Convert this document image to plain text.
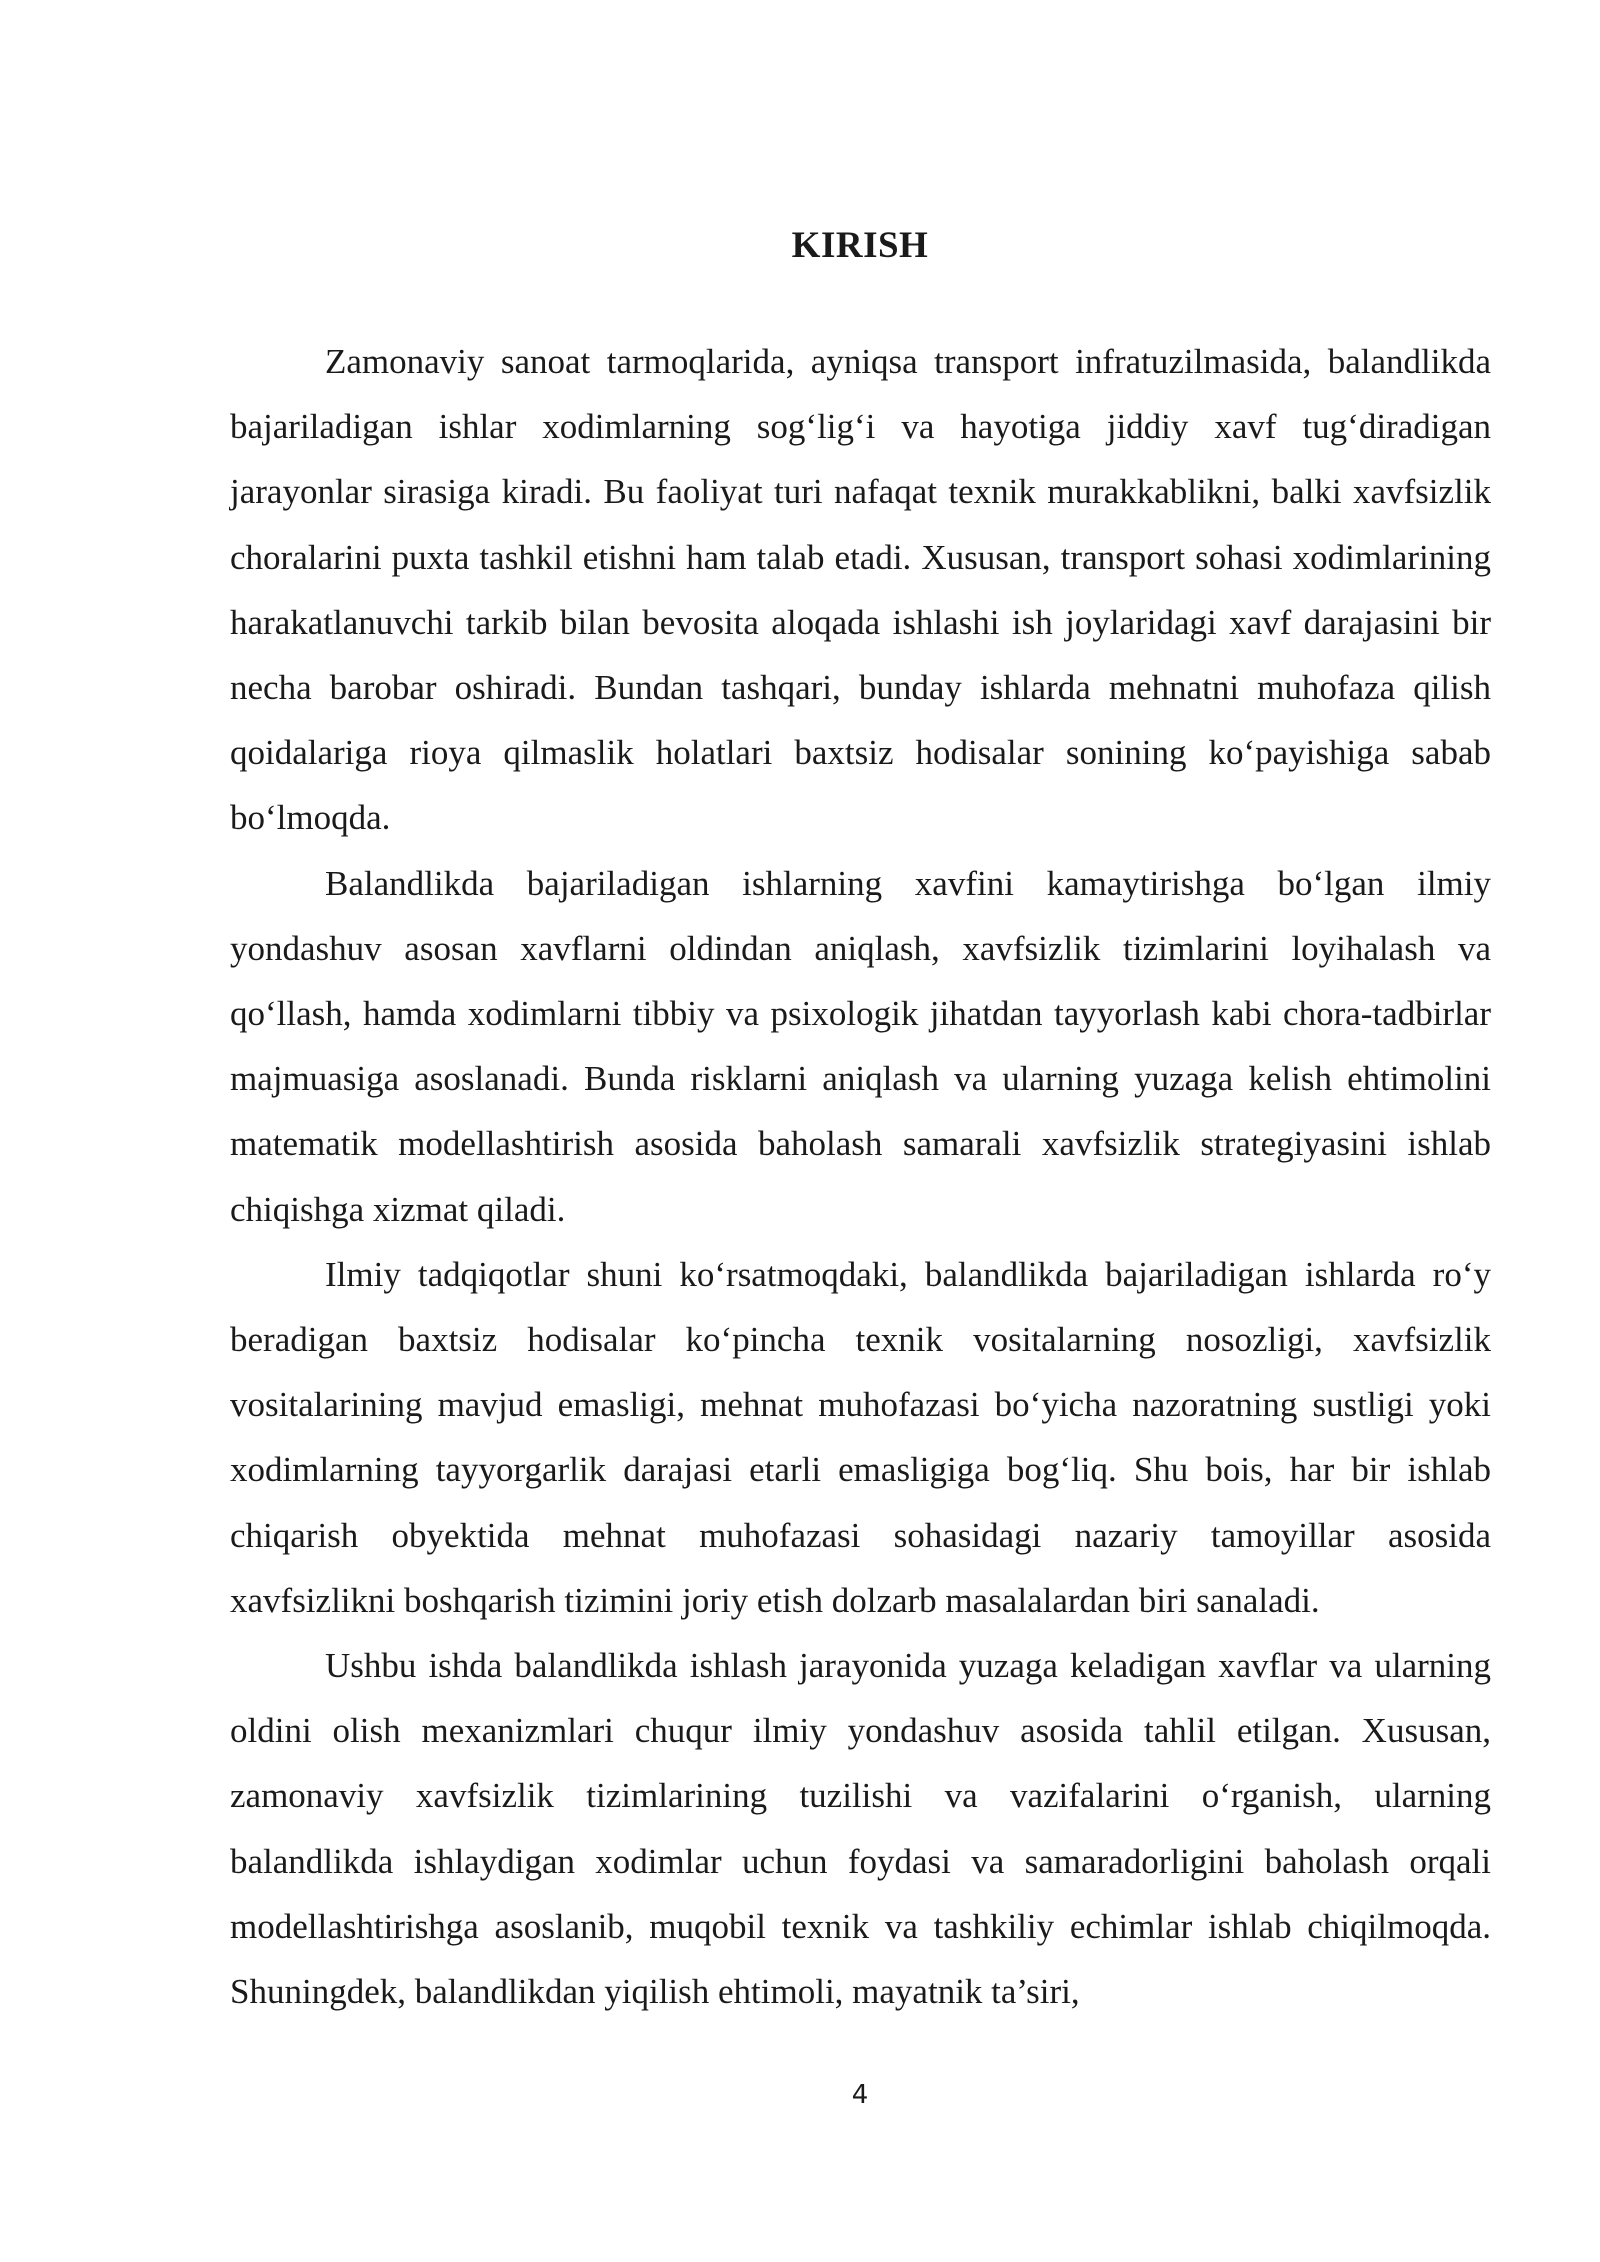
KIRISH

Zamonaviy sanoat tarmoqlarida, ayniqsa transport infratuzilmasida, balandlikda bajariladigan ishlar xodimlarning sog‘lig‘i va hayotiga jiddiy xavf tug‘diradigan jarayonlar sirasiga kiradi. Bu faoliyat turi nafaqat texnik murakkablikni, balki xavfsizlik choralarini puxta tashkil etishni ham talab etadi. Xususan, transport sohasi xodimlarining harakatlanuvchi tarkib bilan bevosita aloqada ishlashi ish joylaridagi xavf darajasini bir necha barobar oshiradi. Bundan tashqari, bunday ishlarda mehnatni muhofaza qilish qoidalariga rioya qilmaslik holatlari baxtsiz hodisalar sonining ko‘payishiga sabab bo‘lmoqda.

Balandlikda bajariladigan ishlarning xavfini kamaytirishga bo‘lgan ilmiy yondashuv asosan xavflarni oldindan aniqlash, xavfsizlik tizimlarini loyihalash va qo‘llash, hamda xodimlarni tibbiy va psixologik jihatdan tayyorlash kabi chora-tadbirlar majmuasiga asoslanadi. Bunda risklarni aniqlash va ularning yuzaga kelish ehtimolini matematik modellashtirish asosida baholash samarali xavfsizlik strategiyasini ishlab chiqishga xizmat qiladi.

Ilmiy tadqiqotlar shuni ko‘rsatmoqdaki, balandlikda bajariladigan ishlarda ro‘y beradigan baxtsiz hodisalar ko‘pincha texnik vositalarning nosozligi, xavfsizlik vositalarining mavjud emasligi, mehnat muhofazasi bo‘yicha nazoratning sustligi yoki xodimlarning tayyorgarlik darajasi etarli emasligiga bog‘liq. Shu bois, har bir ishlab chiqarish obyektida mehnat muhofazasi sohasidagi nazariy tamoyillar asosida xavfsizlikni boshqarish tizimini joriy etish dolzarb masalalardan biri sanaladi.

Ushbu ishda balandlikda ishlash jarayonida yuzaga keladigan xavflar va ularning oldini olish mexanizmlari chuqur ilmiy yondashuv asosida tahlil etilgan. Xususan, zamonaviy xavfsizlik tizimlarining tuzilishi va vazifalarini o‘rganish, ularning balandlikda ishlaydigan xodimlar uchun foydasi va samaradorligini baholash orqali modellashtirishga asoslanib, muqobil texnik va tashkiliy echimlar ishlab chiqilmoqda. Shuningdek, balandlikdan yiqilish ehtimoli, mayatnik ta’siri,

4
